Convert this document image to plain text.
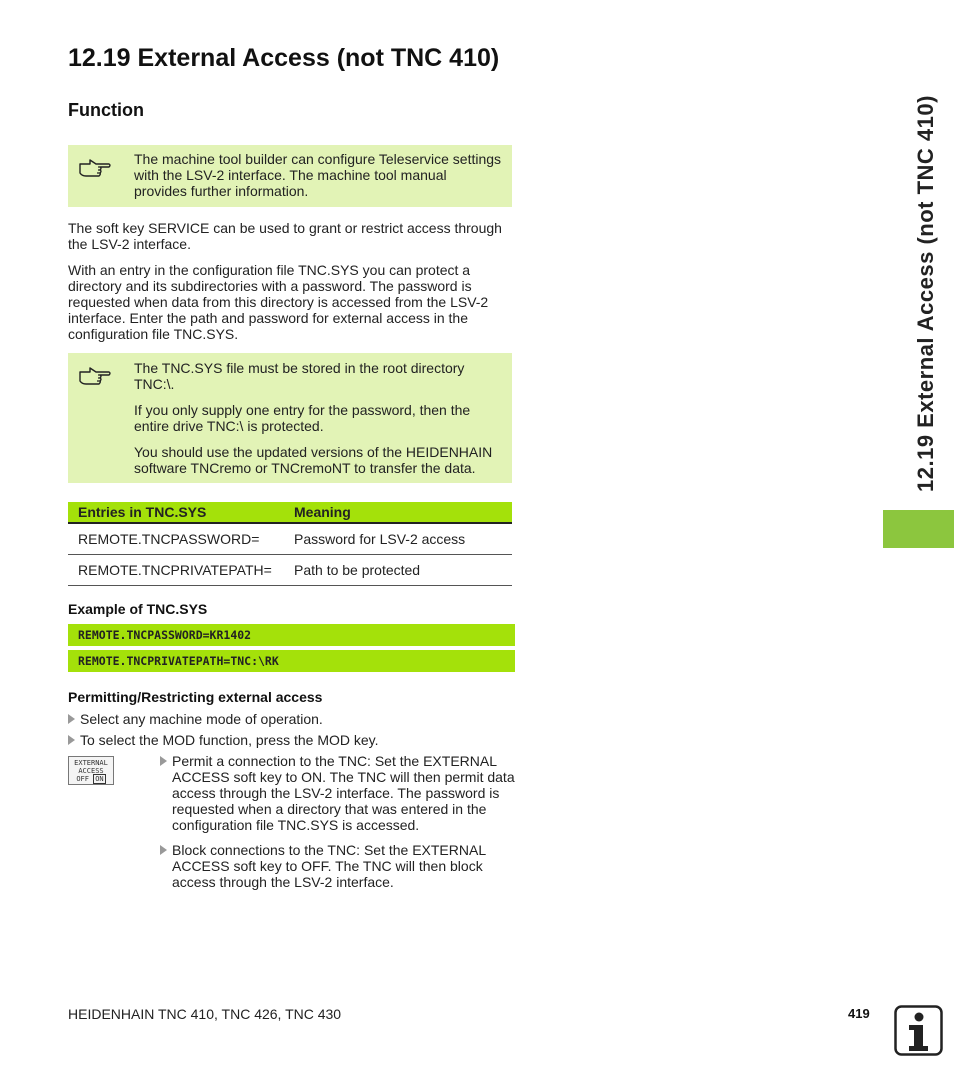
12.19 External Access (not TNC 410)
Function
The machine tool builder can configure Teleservice settings with the LSV-2 interface. The machine tool manual provides further information.
The soft key SERVICE can be used to grant or restrict access through the LSV-2 interface.
With an entry in the configuration file TNC.SYS you can protect a directory and its subdirectories with a password. The password is requested when data from this directory is accessed from the LSV-2 interface. Enter the path and password for external access in the configuration file TNC.SYS.

The TNC.SYS file must be stored in the root directory TNC:\.

If you only supply one entry for the password, then the entire drive TNC:\ is protected.

You should use the updated versions of the HEIDENHAIN software TNCremo or TNCremoNT to transfer the data.

Entries in TNC.SYS	Meaning
REMOTE.TNCPASSWORD= Password for LSV-2 access
REMOTE.TNCPRIVATEPATH= Path to be protected
Example of TNC.SYS
REMOTE.TNCPASSWORD=KR1402
REMOTE.TNCPRIVATEPATH=TNC:\RK
Permitting/Restricting external access
Select any machine mode of operation.
To select the MOD function, press the MOD key.
EXTERNAL
ACCESS
OFF ON
Permit a connection to the TNC: Set the EXTERNAL ACCESS soft key to ON. The TNC will then permit data access through the LSV-2 interface. The password is requested when a directory that was entered in the configuration file TNC.SYS is accessed.
Block connections to the TNC: Set the EXTERNAL ACCESS soft key to OFF. The TNC will then block access through the LSV-2 interface.
12.19 External Access (not TNC 410)
HEIDENHAIN TNC 410, TNC 426, TNC 430	419
